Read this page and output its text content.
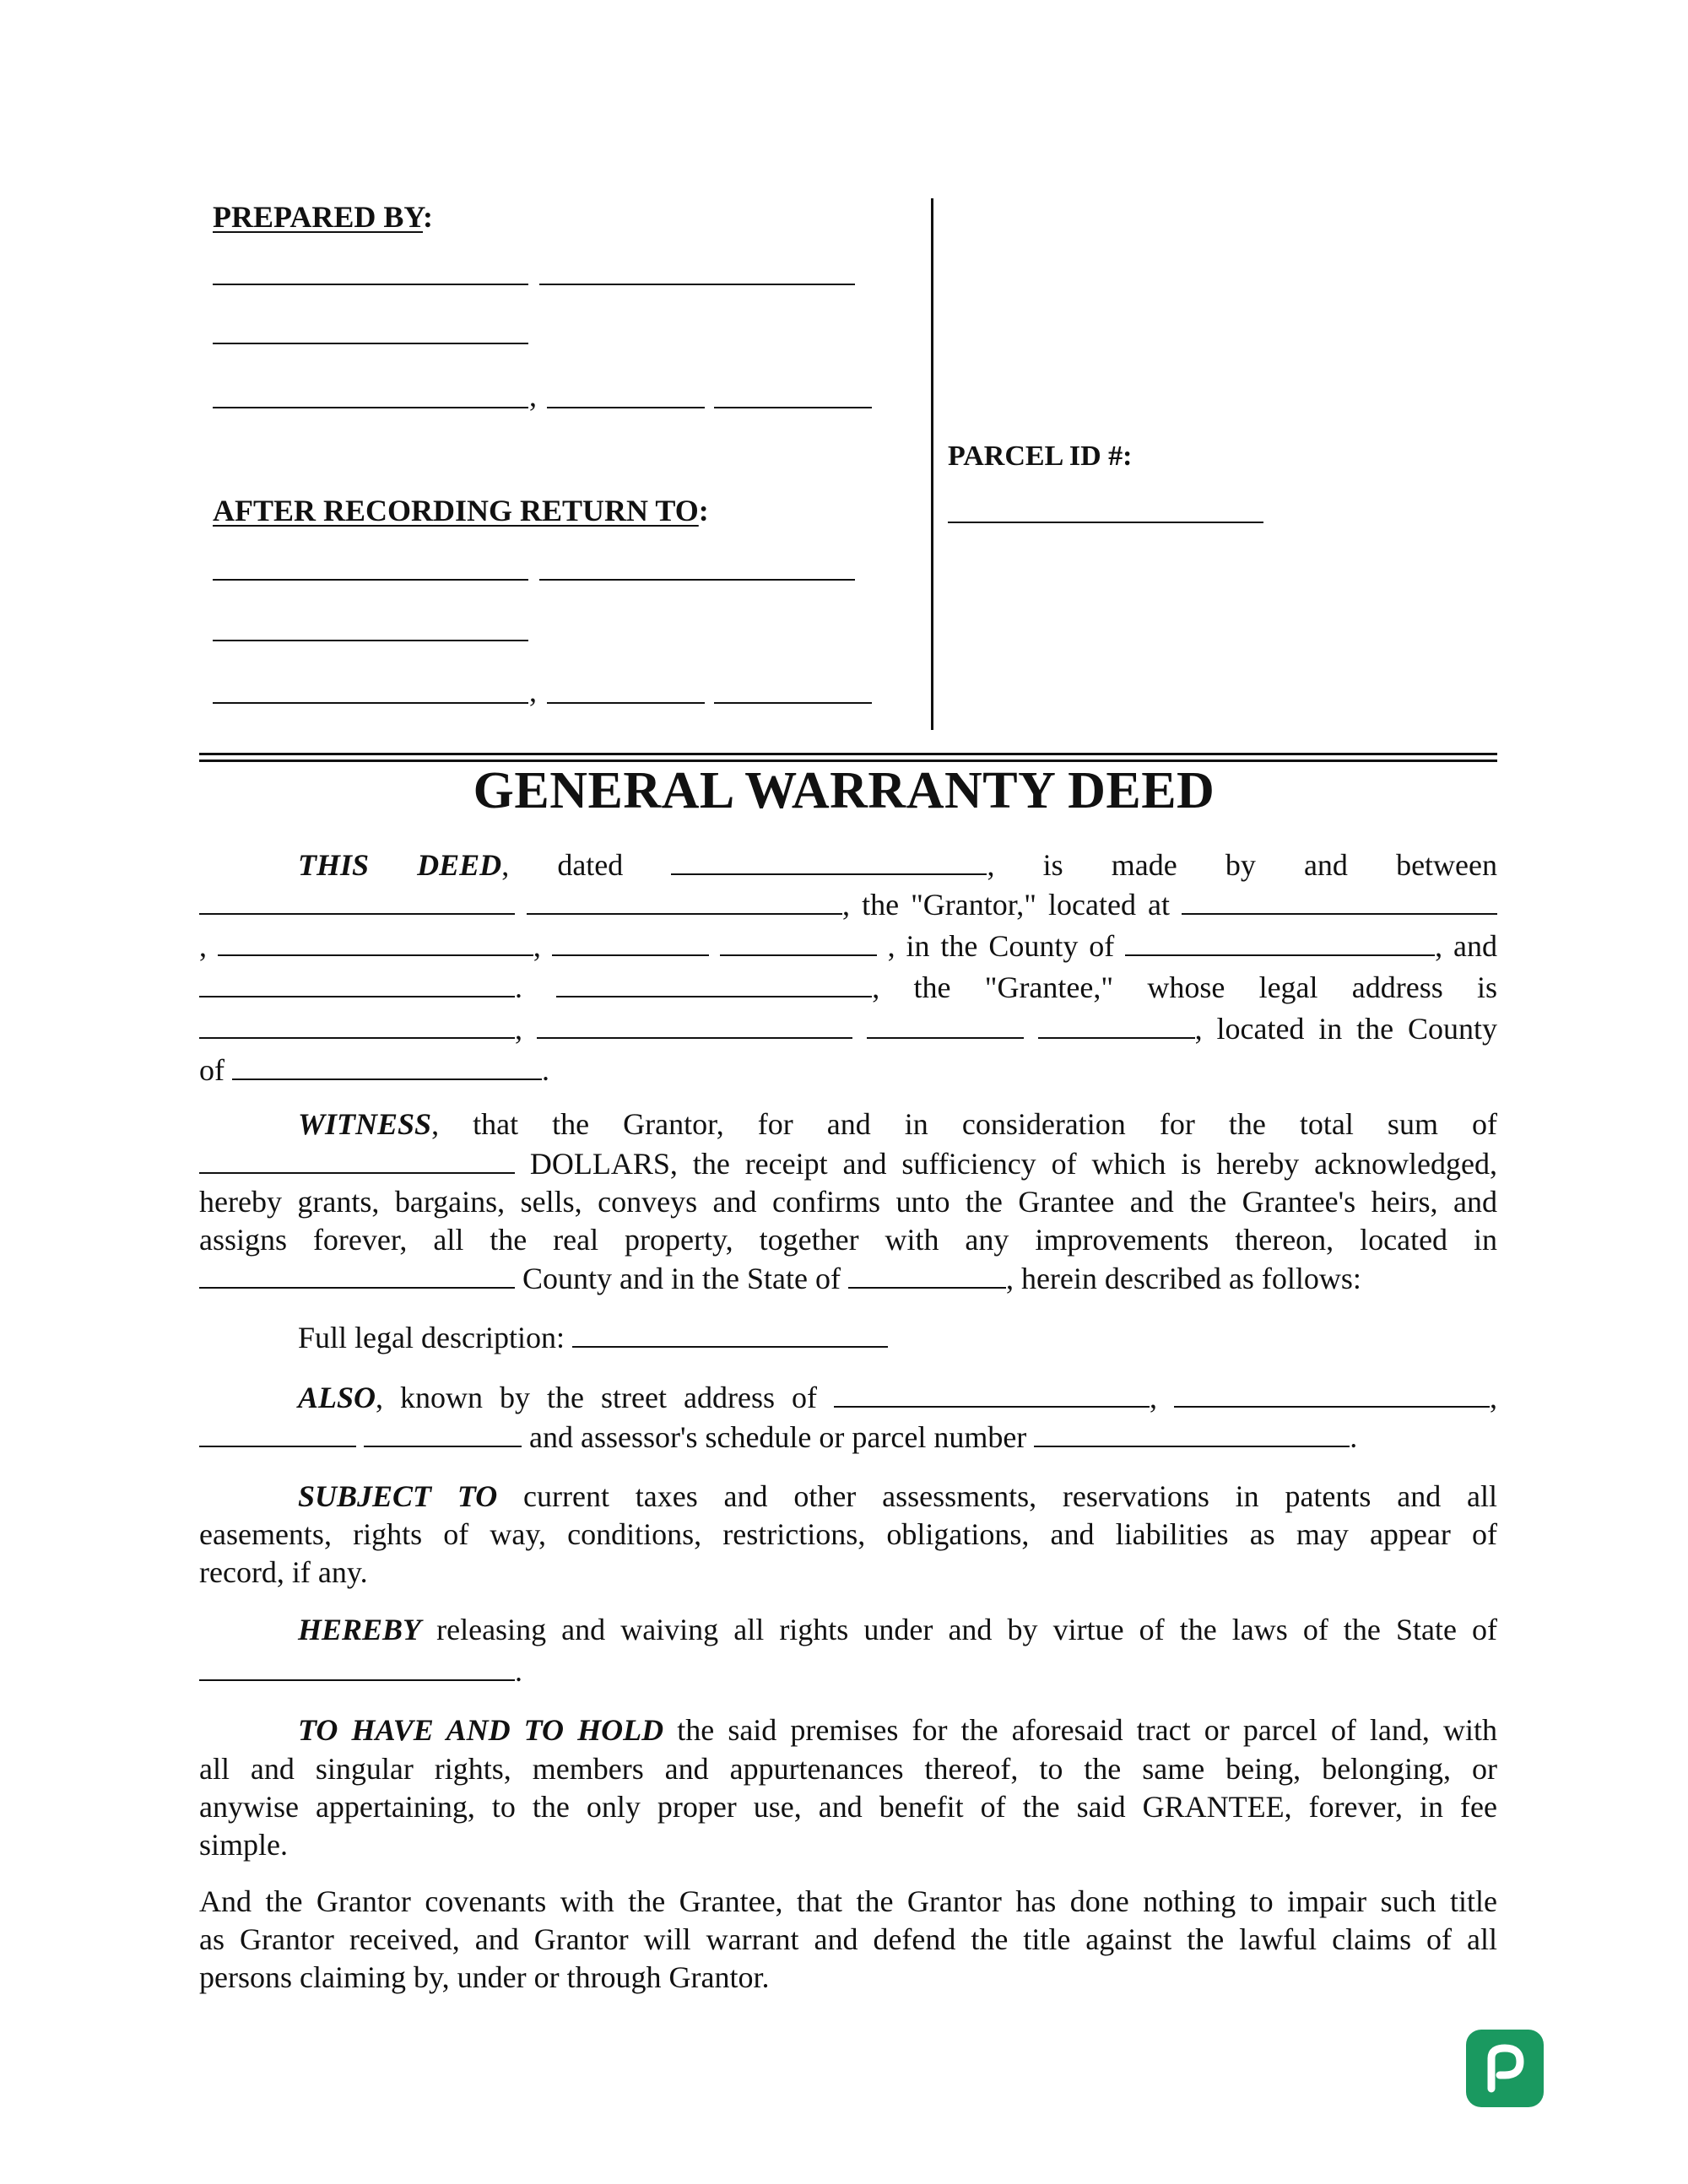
PREPARED BY:
,
AFTER RECORDING RETURN TO:
,
PARCEL ID #:
GENERAL WARRANTY DEED
THIS DEED, dated	, is made by and between
, the "Grantor," located at
,	,	, in the County of	, and
.	, the "Grantee," whose legal address is
,	, located in the County
of	.
WITNESS, that the Grantor, for and in consideration for the total sum of
DOLLARS, the receipt and sufficiency of which is hereby acknowledged,
hereby grants, bargains, sells, conveys and confirms unto the Grantee and the Grantee's heirs, and
assigns forever, all the real property, together with any improvements thereon, located in
County and in the State of	, herein described as follows:
Full legal description:
ALSO, known by the street address of	,	,
and assessor's schedule or parcel number	.
SUBJECT TO current taxes and other assessments, reservations in patents and all
easements, rights of way, conditions, restrictions, obligations, and liabilities as may appear of
record, if any.
HEREBY releasing and waiving all rights under and by virtue of the laws of the State of
.
TO HAVE AND TO HOLD the said premises for the aforesaid tract or parcel of land, with
all and singular rights, members and appurtenances thereof, to the same being, belonging, or
anywise appertaining, to the only proper use, and benefit of the said GRANTEE, forever, in fee
simple.
And the Grantor covenants with the Grantee, that the Grantor has done nothing to impair such title
as Grantor received, and Grantor will warrant and defend the title against the lawful claims of all
persons claiming by, under or through Grantor.
